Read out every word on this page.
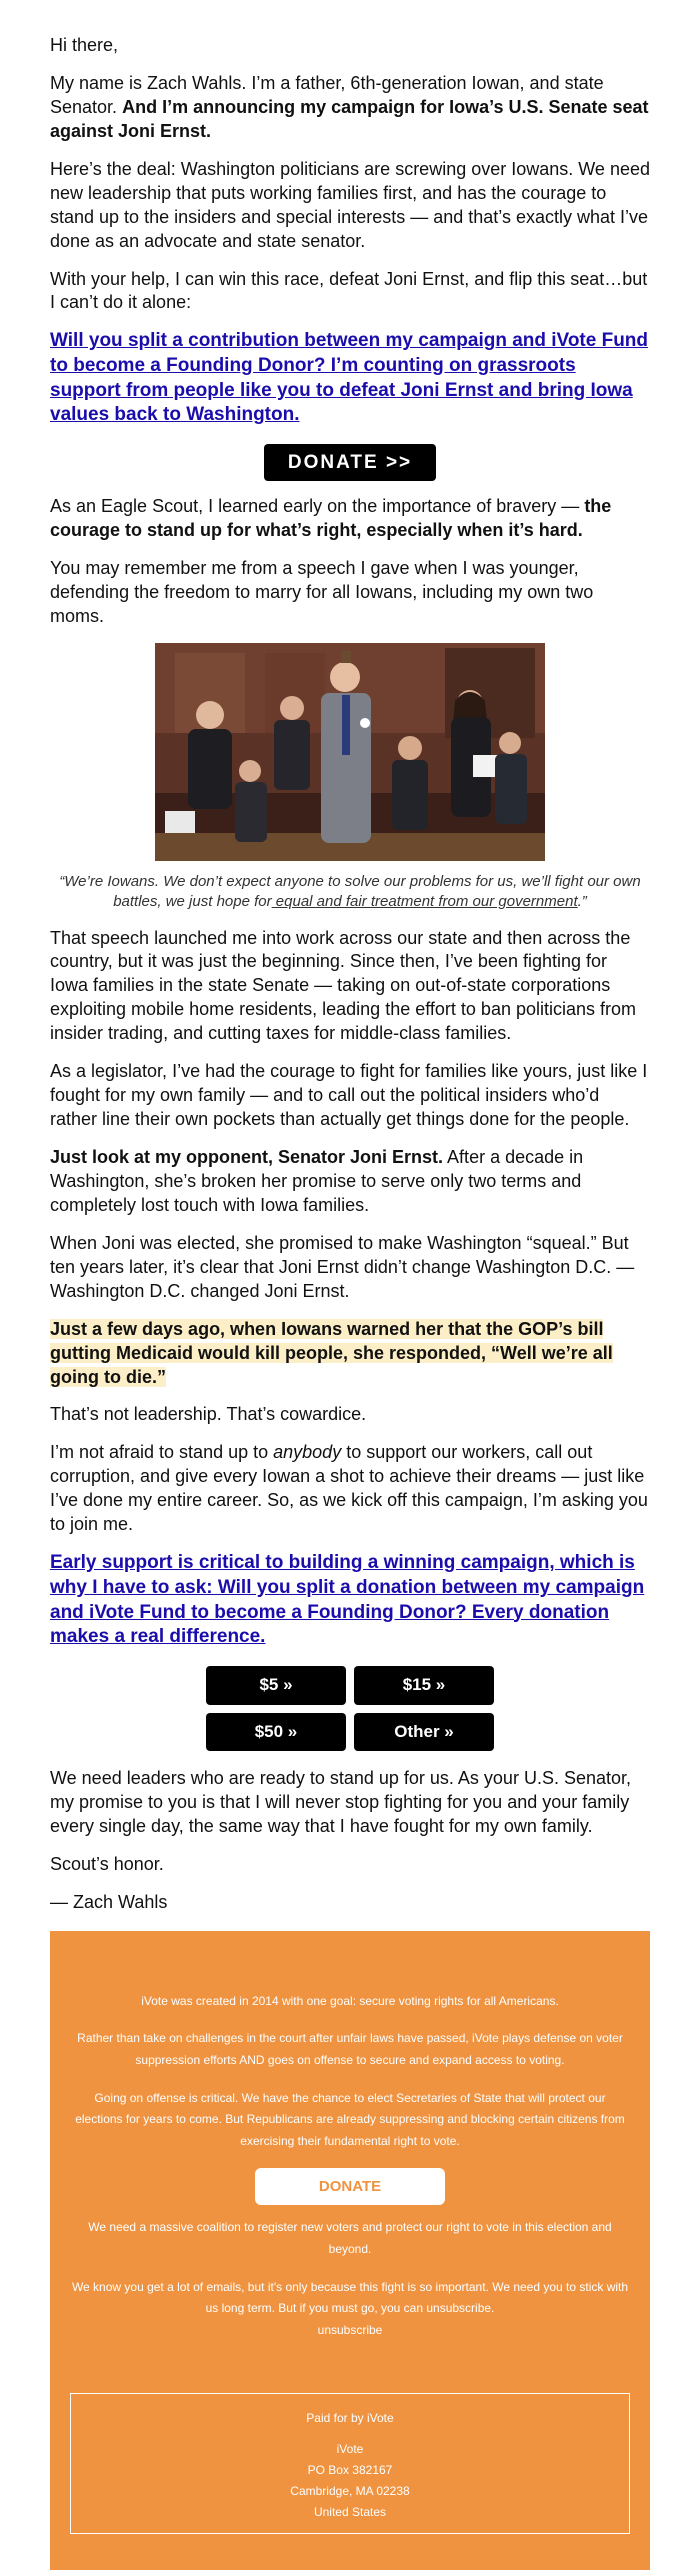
Hi there,

My name is Zach Wahls. I’m a father, 6th-generation Iowan, and state Senator. And I’m announcing my campaign for Iowa’s U.S. Senate seat against Joni Ernst.

Here’s the deal: Washington politicians are screwing over Iowans. We need new leadership that puts working families first, and has the courage to stand up to the insiders and special interests — and that’s exactly what I’ve done as an advocate and state senator.

With your help, I can win this race, defeat Joni Ernst, and flip this seat…but I can’t do it alone:

Will you split a contribution between my campaign and iVote Fund to become a Founding Donor? I’m counting on grassroots support from people like you to defeat Joni Ernst and bring Iowa values back to Washington.
DONATE >>

As an Eagle Scout, I learned early on the importance of bravery — the courage to stand up for what’s right, especially when it’s hard.

You may remember me from a speech I gave when I was younger, defending the freedom to marry for all Iowans, including my own two moms.

“We’re Iowans. We don’t expect anyone to solve our problems for us, we’ll fight our own battles, we just hope for equal and fair treatment from our government.”

That speech launched me into work across our state and then across the country, but it was just the beginning. Since then, I’ve been fighting for Iowa families in the state Senate — taking on out-of-state corporations exploiting mobile home residents, leading the effort to ban politicians from insider trading, and cutting taxes for middle-class families.

As a legislator, I’ve had the courage to fight for families like yours, just like I fought for my own family — and to call out the political insiders who’d rather line their own pockets than actually get things done for the people.

Just look at my opponent, Senator Joni Ernst. After a decade in Washington, she’s broken her promise to serve only two terms and completely lost touch with Iowa families.

When Joni was elected, she promised to make Washington “squeal.” But ten years later, it’s clear that Joni Ernst didn’t change Washington D.C. — Washington D.C. changed Joni Ernst.

Just a few days ago, when Iowans warned her that the GOP’s bill gutting Medicaid would kill people, she responded, “Well we’re all going to die.”

That’s not leadership. That’s cowardice.

I’m not afraid to stand up to anybody to support our workers, call out corruption, and give every Iowan a shot to achieve their dreams — just like I’ve done my entire career. So, as we kick off this campaign, I’m asking you to join me.

Early support is critical to building a winning campaign, which is why I have to ask: Will you split a donation between my campaign and iVote Fund to become a Founding Donor? Every donation makes a real difference.
$5 »	$15 »
$50 »	Other »

We need leaders who are ready to stand up for us. As your U.S. Senator, my promise to you is that I will never stop fighting for you and your family every single day, the same way that I have fought for my own family.

Scout’s honor.

— Zach Wahls

iVote was created in 2014 with one goal: secure voting rights for all Americans.

Rather than take on challenges in the court after unfair laws have passed, iVote plays defense on voter suppression efforts AND goes on offense to secure and expand access to voting.

Going on offense is critical. We have the chance to elect Secretaries of State that will protect our elections for years to come. But Republicans are already suppressing and blocking certain citizens from exercising their fundamental right to vote.

DONATE

We need a massive coalition to register new voters and protect our right to vote in this election and beyond.

We know you get a lot of emails, but it's only because this fight is so important. We need you to stick with us long term. But if you must go, you can unsubscribe.

unsubscribe
Paid for by iVote
iVote
PO Box 382167
Cambridge, MA 02238
United States
